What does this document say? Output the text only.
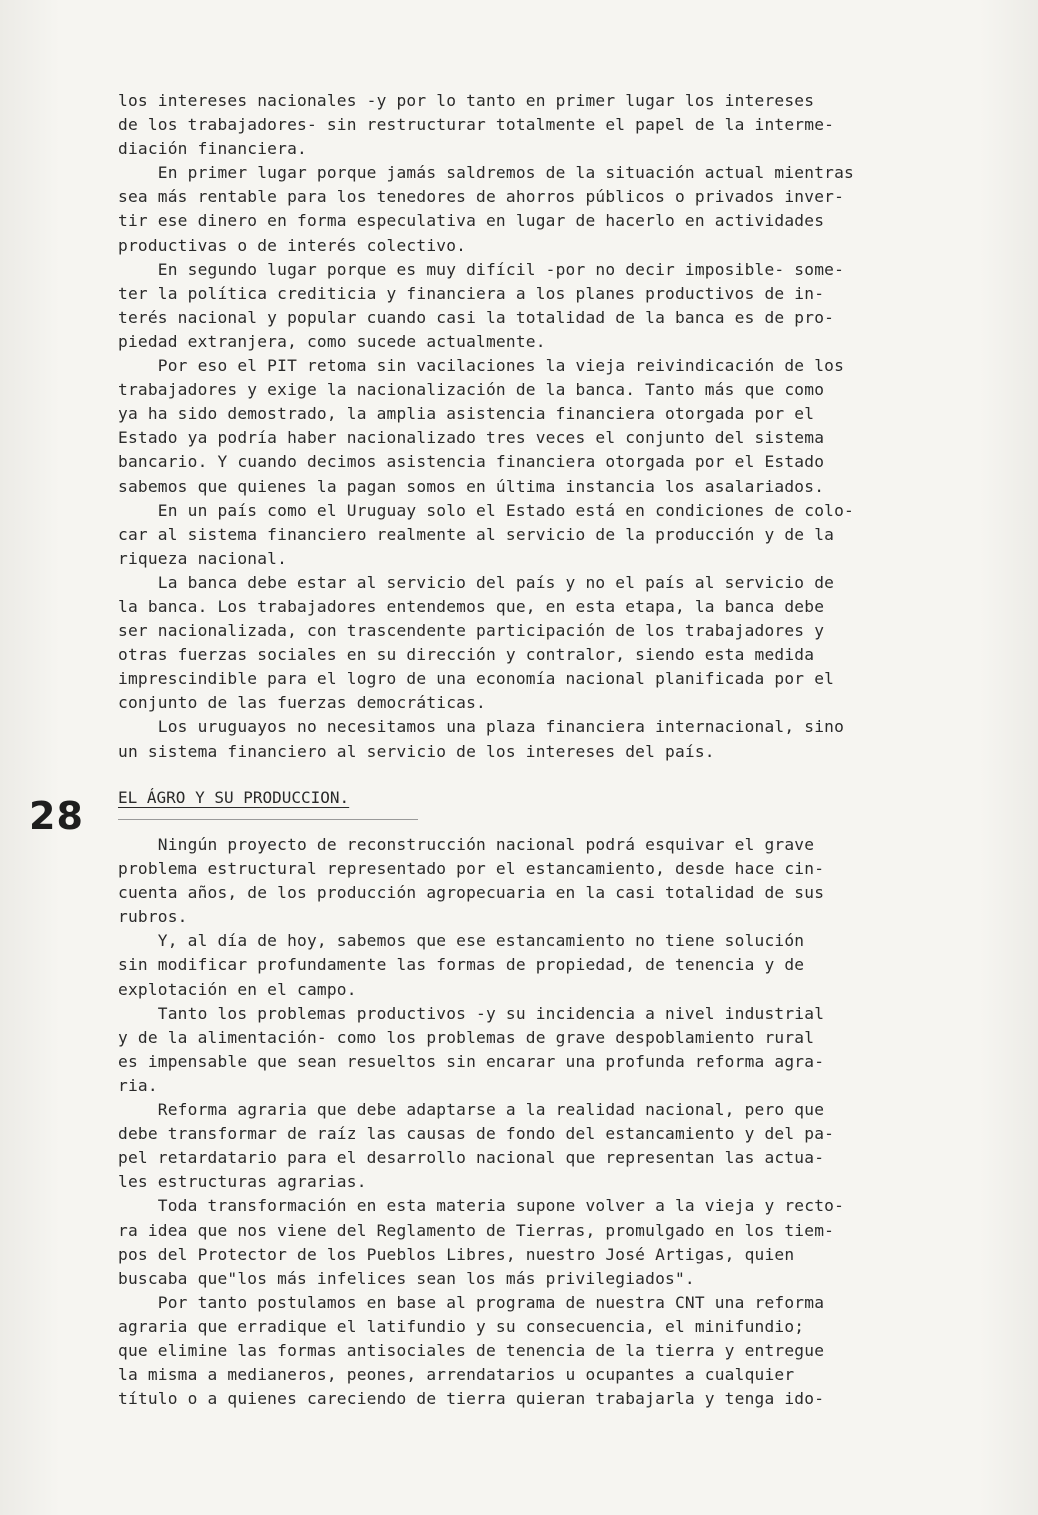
los intereses nacionales -y por lo tanto en primer lugar los intereses
de los trabajadores- sin restructurar totalmente el papel de la interme-
diación financiera.
En primer lugar porque jamás saldremos de la situación actual mientras
sea más rentable para los tenedores de ahorros públicos o privados inver-
tir ese dinero en forma especulativa en lugar de hacerlo en actividades
productivas o de interés colectivo.
En segundo lugar porque es muy difícil -por no decir imposible- some-
ter la política crediticia y financiera a los planes productivos de in-
terés nacional y popular cuando casi la totalidad de la banca es de pro-
piedad extranjera, como sucede actualmente.
Por eso el PIT retoma sin vacilaciones la vieja reivindicación de los
trabajadores y exige la nacionalización de la banca. Tanto más que como
ya ha sido demostrado, la amplia asistencia financiera otorgada por el
Estado ya podría haber nacionalizado tres veces el conjunto del sistema
bancario. Y cuando decimos asistencia financiera otorgada por el Estado
sabemos que quienes la pagan somos en última instancia los asalariados.
En un país como el Uruguay solo el Estado está en condiciones de colo-
car al sistema financiero realmente al servicio de la producción y de la
riqueza nacional.
La banca debe estar al servicio del país y no el país al servicio de
la banca. Los trabajadores entendemos que, en esta etapa, la banca debe
ser nacionalizada, con trascendente participación de los trabajadores y
otras fuerzas sociales en su dirección y contralor, siendo esta medida
imprescindible para el logro de una economía nacional planificada por el
conjunto de las fuerzas democráticas.
Los uruguayos no necesitamos una plaza financiera internacional, sino
un sistema financiero al servicio de los intereses del país.
EL ÁGRO Y SU PRODUCCION.
28
Ningún proyecto de reconstrucción nacional podrá esquivar el grave
problema estructural representado por el estancamiento, desde hace cin-
cuenta años, de los producción agropecuaria en la casi totalidad de sus
rubros.
Y, al día de hoy, sabemos que ese estancamiento no tiene solución
sin modificar profundamente las formas de propiedad, de tenencia y de
explotación en el campo.
Tanto los problemas productivos -y su incidencia a nivel industrial
y de la alimentación- como los problemas de grave despoblamiento rural
es impensable que sean resueltos sin encarar una profunda reforma agra-
ria.
Reforma agraria que debe adaptarse a la realidad nacional, pero que
debe transformar de raíz las causas de fondo del estancamiento y del pa-
pel retardatario para el desarrollo nacional que representan las actua-
les estructuras agrarias.
Toda transformación en esta materia supone volver a la vieja y recto-
ra idea que nos viene del Reglamento de Tierras, promulgado en los tiem-
pos del Protector de los Pueblos Libres, nuestro José Artigas, quien
buscaba que"los más infelices sean los más privilegiados".
Por tanto postulamos en base al programa de nuestra CNT una reforma
agraria que erradique el latifundio y su consecuencia, el minifundio;
que elimine las formas antisociales de tenencia de la tierra y entregue
la misma a medianeros, peones, arrendatarios u ocupantes a cualquier
título o a quienes careciendo de tierra quieran trabajarla y tenga ido-
